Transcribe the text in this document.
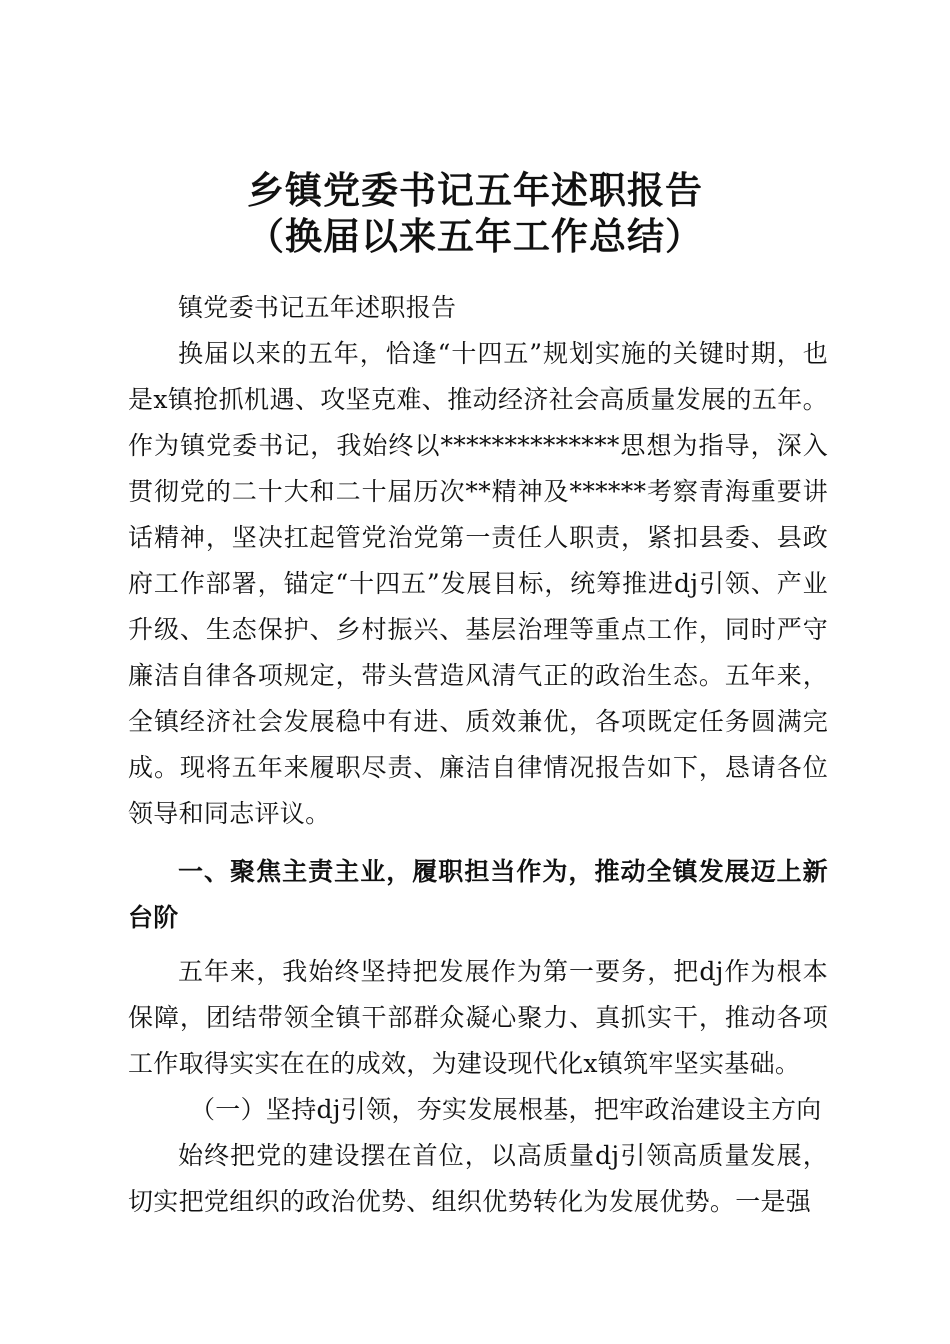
乡镇党委书记五年述职报告
（换届以来五年工作总结）

镇党委书记五年述职报告

换届以来的五年，恰逢“十四五”规划实施的关键时期，也是x镇抢抓机遇、攻坚克难、推动经济社会高质量发展的五年。作为镇党委书记，我始终以**************思想为指导，深入贯彻党的二十大和二十届历次**精神及******考察青海重要讲话精神，坚决扛起管党治党第一责任人职责，紧扣县委、县政府工作部署，锚定“十四五”发展目标，统筹推进dj引领、产业升级、生态保护、乡村振兴、基层治理等重点工作，同时严守廉洁自律各项规定，带头营造风清气正的政治生态。五年来，全镇经济社会发展稳中有进、质效兼优，各项既定任务圆满完成。现将五年来履职尽责、廉洁自律情况报告如下，恳请各位领导和同志评议。

一、聚焦主责主业，履职担当作为，推动全镇发展迈上新台阶

五年来，我始终坚持把发展作为第一要务，把dj作为根本保障，团结带领全镇干部群众凝心聚力、真抓实干，推动各项工作取得实实在在的成效，为建设现代化x镇筑牢坚实基础。

（一）坚持dj引领，夯实发展根基，把牢政治建设主方向

始终把党的建设摆在首位，以高质量dj引领高质量发展，切实把党组织的政治优势、组织优势转化为发展优势。一是强
